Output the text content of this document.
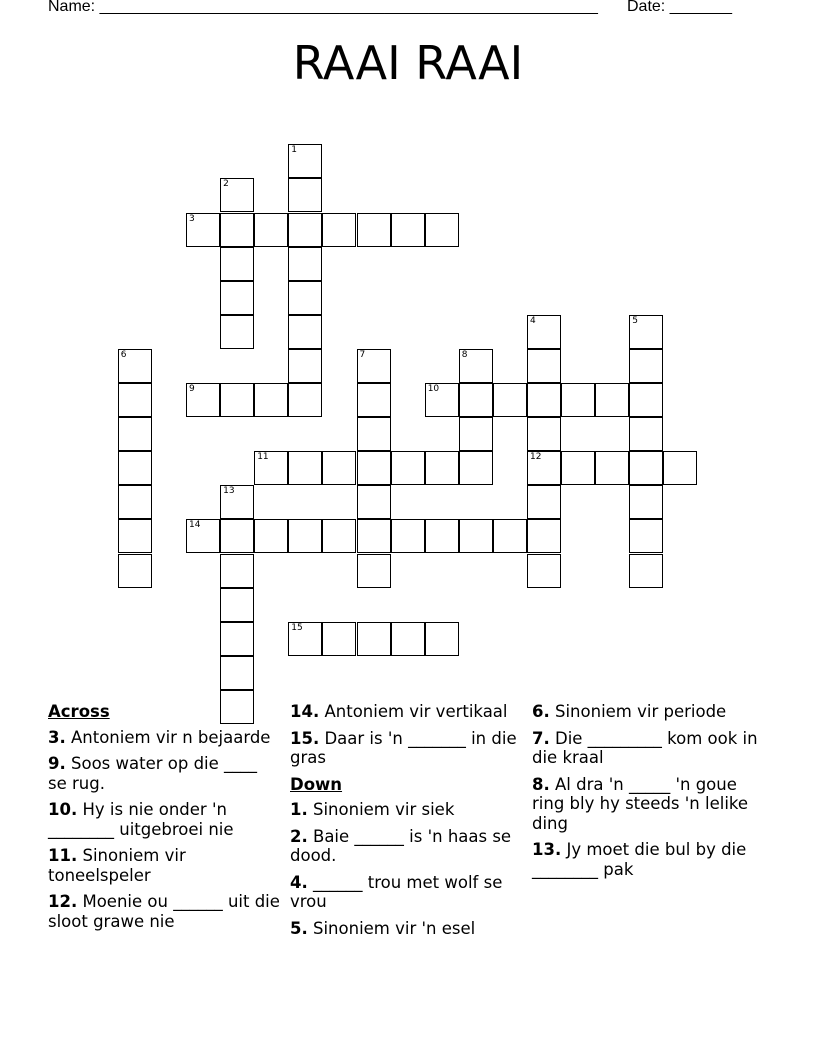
Name: ________________________________________________________ Date: _______
RAAI RAAI
1
2
3
4
12
5
6	7	8
9	10
11
13
14
15
Across
3. Antoniem vir n bejaarde
9. Soos water op die ____ se rug.
10. Hy is nie onder 'n ________ uitgebroei nie
11. Sinoniem vir toneelspeler
12. Moenie ou ______ uit die sloot grawe nie
14. Antoniem vir vertikaal
15. Daar is 'n _______ in die gras
Down
1. Sinoniem vir siek
2. Baie ______ is 'n haas se dood.
4. ______ trou met wolf se vrou
5. Sinoniem vir 'n esel
6. Sinoniem vir periode
7. Die _________ kom ook in die kraal
8. Al dra 'n _____ 'n goue ring bly hy steeds 'n lelike ding
13. Jy moet die bul by die ________ pak
